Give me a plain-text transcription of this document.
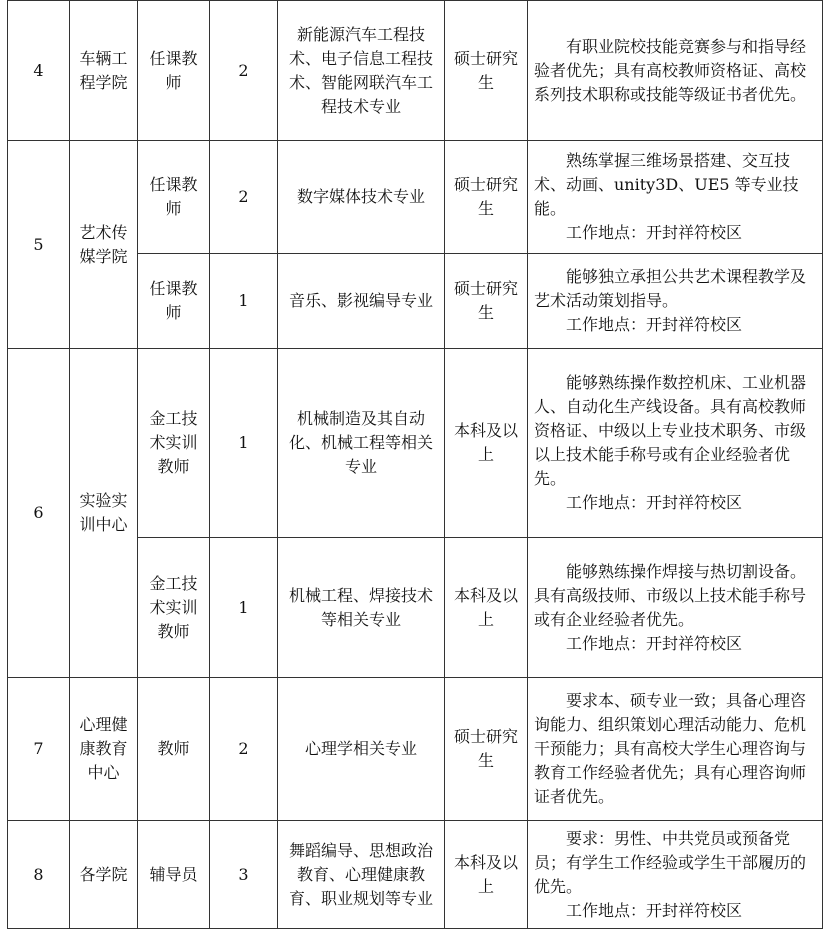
4	车辆工程学院	任课教师	2	新能源汽车工程技术、电子信息工程技术、智能网联汽车工程技术专业	硕士研究生	有职业院校技能竞赛参与和指导经验者优先；具有高校教师资格证、高校系列技术职称或技能等级证书者优先。

5	艺术传媒学院	任课教师	2	数字媒体技术专业	硕士研究生	熟练掌握三维场景搭建、交互技术、动画、unity3D、UE5 等专业技能。
工作地点：开封祥符校区

		任课教师	1	音乐、影视编导专业	硕士研究生	能够独立承担公共艺术课程教学及艺术活动策划指导。
工作地点：开封祥符校区

6	实验实训中心	金工技术实训教师	1	机械制造及其自动化、机械工程等相关专业	本科及以上	能够熟练操作数控机床、工业机器人、自动化生产线设备。具有高校教师资格证、中级以上专业技术职务、市级以上技术能手称号或有企业经验者优先。
工作地点：开封祥符校区

		金工技术实训教师	1	机械工程、焊接技术等相关专业	本科及以上	能够熟练操作焊接与热切割设备。具有高级技师、市级以上技术能手称号或有企业经验者优先。
工作地点：开封祥符校区

7	心理健康教育中心	教师	2	心理学相关专业	硕士研究生	要求本、硕专业一致；具备心理咨询能力、组织策划心理活动能力、危机干预能力；具有高校大学生心理咨询与教育工作经验者优先；具有心理咨询师证者优先。

8	各学院	辅导员	3	舞蹈编导、思想政治教育、心理健康教育、职业规划等专业	本科及以上	要求：男性、中共党员或预备党员；有学生工作经验或学生干部履历的优先。
工作地点：开封祥符校区
